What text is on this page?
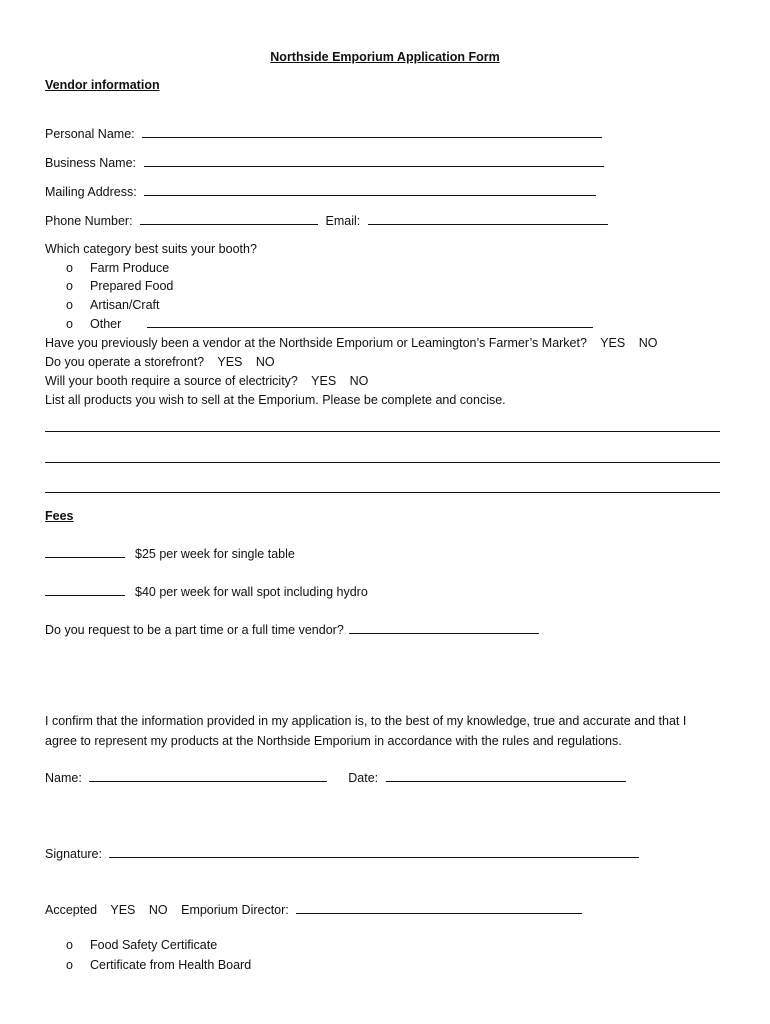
Northside Emporium Application Form
Vendor information
Personal Name:
Business Name:
Mailing Address:
Phone Number:	Email:
Which category best suits your booth?
o Farm Produce
o Prepared Food
o Artisan/Craft
o Other
Have you previously been a vendor at the Northside Emporium or Leamington’s Farmer’s Market? YES NO
Do you operate a storefront? YES NO
Will your booth require a source of electricity? YES NO
List all products you wish to sell at the Emporium. Please be complete and concise.
Fees
$25 per week for single table
$40 per week for wall spot including hydro
Do you request to be a part time or a full time vendor?
I confirm that the information provided in my application is, to the best of my knowledge, true and accurate and that I
agree to represent my products at the Northside Emporium in accordance with the rules and regulations.
Name:	Date:
Signature:
Accepted YES NO Emporium Director:
o Food Safety Certificate
o Certificate from Health Board
